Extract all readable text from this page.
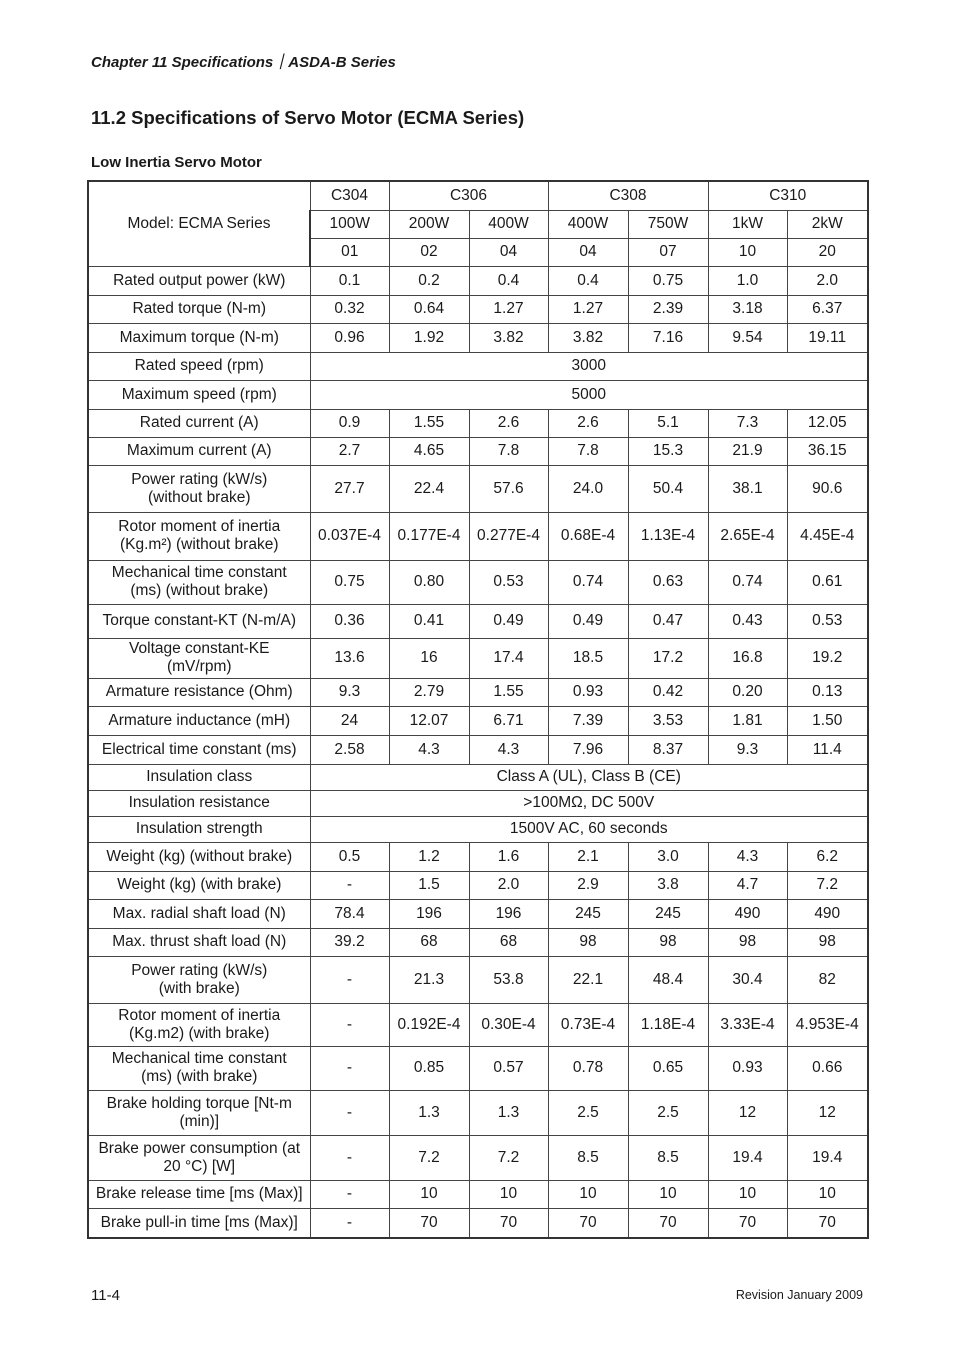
Chapter 11 Specifications｜ASDA-B Series
11.2 Specifications of Servo Motor (ECMA Series)
Low Inertia Servo Motor
Model: ECMA Series	C304	C306		C308		C310	
	100W	200W	400W	400W	750W	1kW	2kW
	01	02	04	04	07	10	20
Rated output power (kW)	0.1	0.2	0.4	0.4	0.75	1.0	2.0
Rated torque (N-m)	0.32	0.64	1.27	1.27	2.39	3.18	6.37
Maximum torque (N-m)	0.96	1.92	3.82	3.82	7.16	9.54	19.11
Rated speed (rpm)	3000						
Maximum speed (rpm)	5000						
Rated current (A)	0.9	1.55	2.6	2.6	5.1	7.3	12.05
Maximum current (A)	2.7	4.65	7.8	7.8	15.3	21.9	36.15
Power rating (kW/s)
(without brake)	27.7	22.4	57.6	24.0	50.4	38.1	90.6
Rotor moment of inertia
(Kg.m²) (without brake)	0.037E-4	0.177E-4	0.277E-4	0.68E-4	1.13E-4	2.65E-4	4.45E-4
Mechanical time constant
(ms) (without brake)	0.75	0.80	0.53	0.74	0.63	0.74	0.61
Torque constant-KT (N-m/A)	0.36	0.41	0.49	0.49	0.47	0.43	0.53
Voltage constant-KE
(mV/rpm)	13.6	16	17.4	18.5	17.2	16.8	19.2
Armature resistance (Ohm)	9.3	2.79	1.55	0.93	0.42	0.20	0.13
Armature inductance (mH)	24	12.07	6.71	7.39	3.53	1.81	1.50
Electrical time constant (ms)	2.58	4.3	4.3	7.96	8.37	9.3	11.4
Insulation class	Class A (UL), Class B (CE)						
Insulation resistance	>100MΩ, DC 500V						
Insulation strength	1500V AC, 60 seconds						
Weight (kg) (without brake)	0.5	1.2	1.6	2.1	3.0	4.3	6.2
Weight (kg) (with brake)	-	1.5	2.0	2.9	3.8	4.7	7.2
Max. radial shaft load (N)	78.4	196	196	245	245	490	490
Max. thrust shaft load (N)	39.2	68	68	98	98	98	98
Power rating (kW/s)
(with brake)	-	21.3	53.8	22.1	48.4	30.4	82
Rotor moment of inertia
(Kg.m2) (with brake)	-	0.192E-4	0.30E-4	0.73E-4	1.18E-4	3.33E-4	4.953E-4
Mechanical time constant
(ms) (with brake)	-	0.85	0.57	0.78	0.65	0.93	0.66
Brake holding torque [Nt-m
(min)]	-	1.3	1.3	2.5	2.5	12	12
Brake power consumption (at
20 °C) [W]	-	7.2	7.2	8.5	8.5	19.4	19.4
Brake release time [ms (Max)]	-	10	10	10	10	10	10
Brake pull-in time [ms (Max)]	-	70	70	70	70	70	70
11-4	Revision January 2009
